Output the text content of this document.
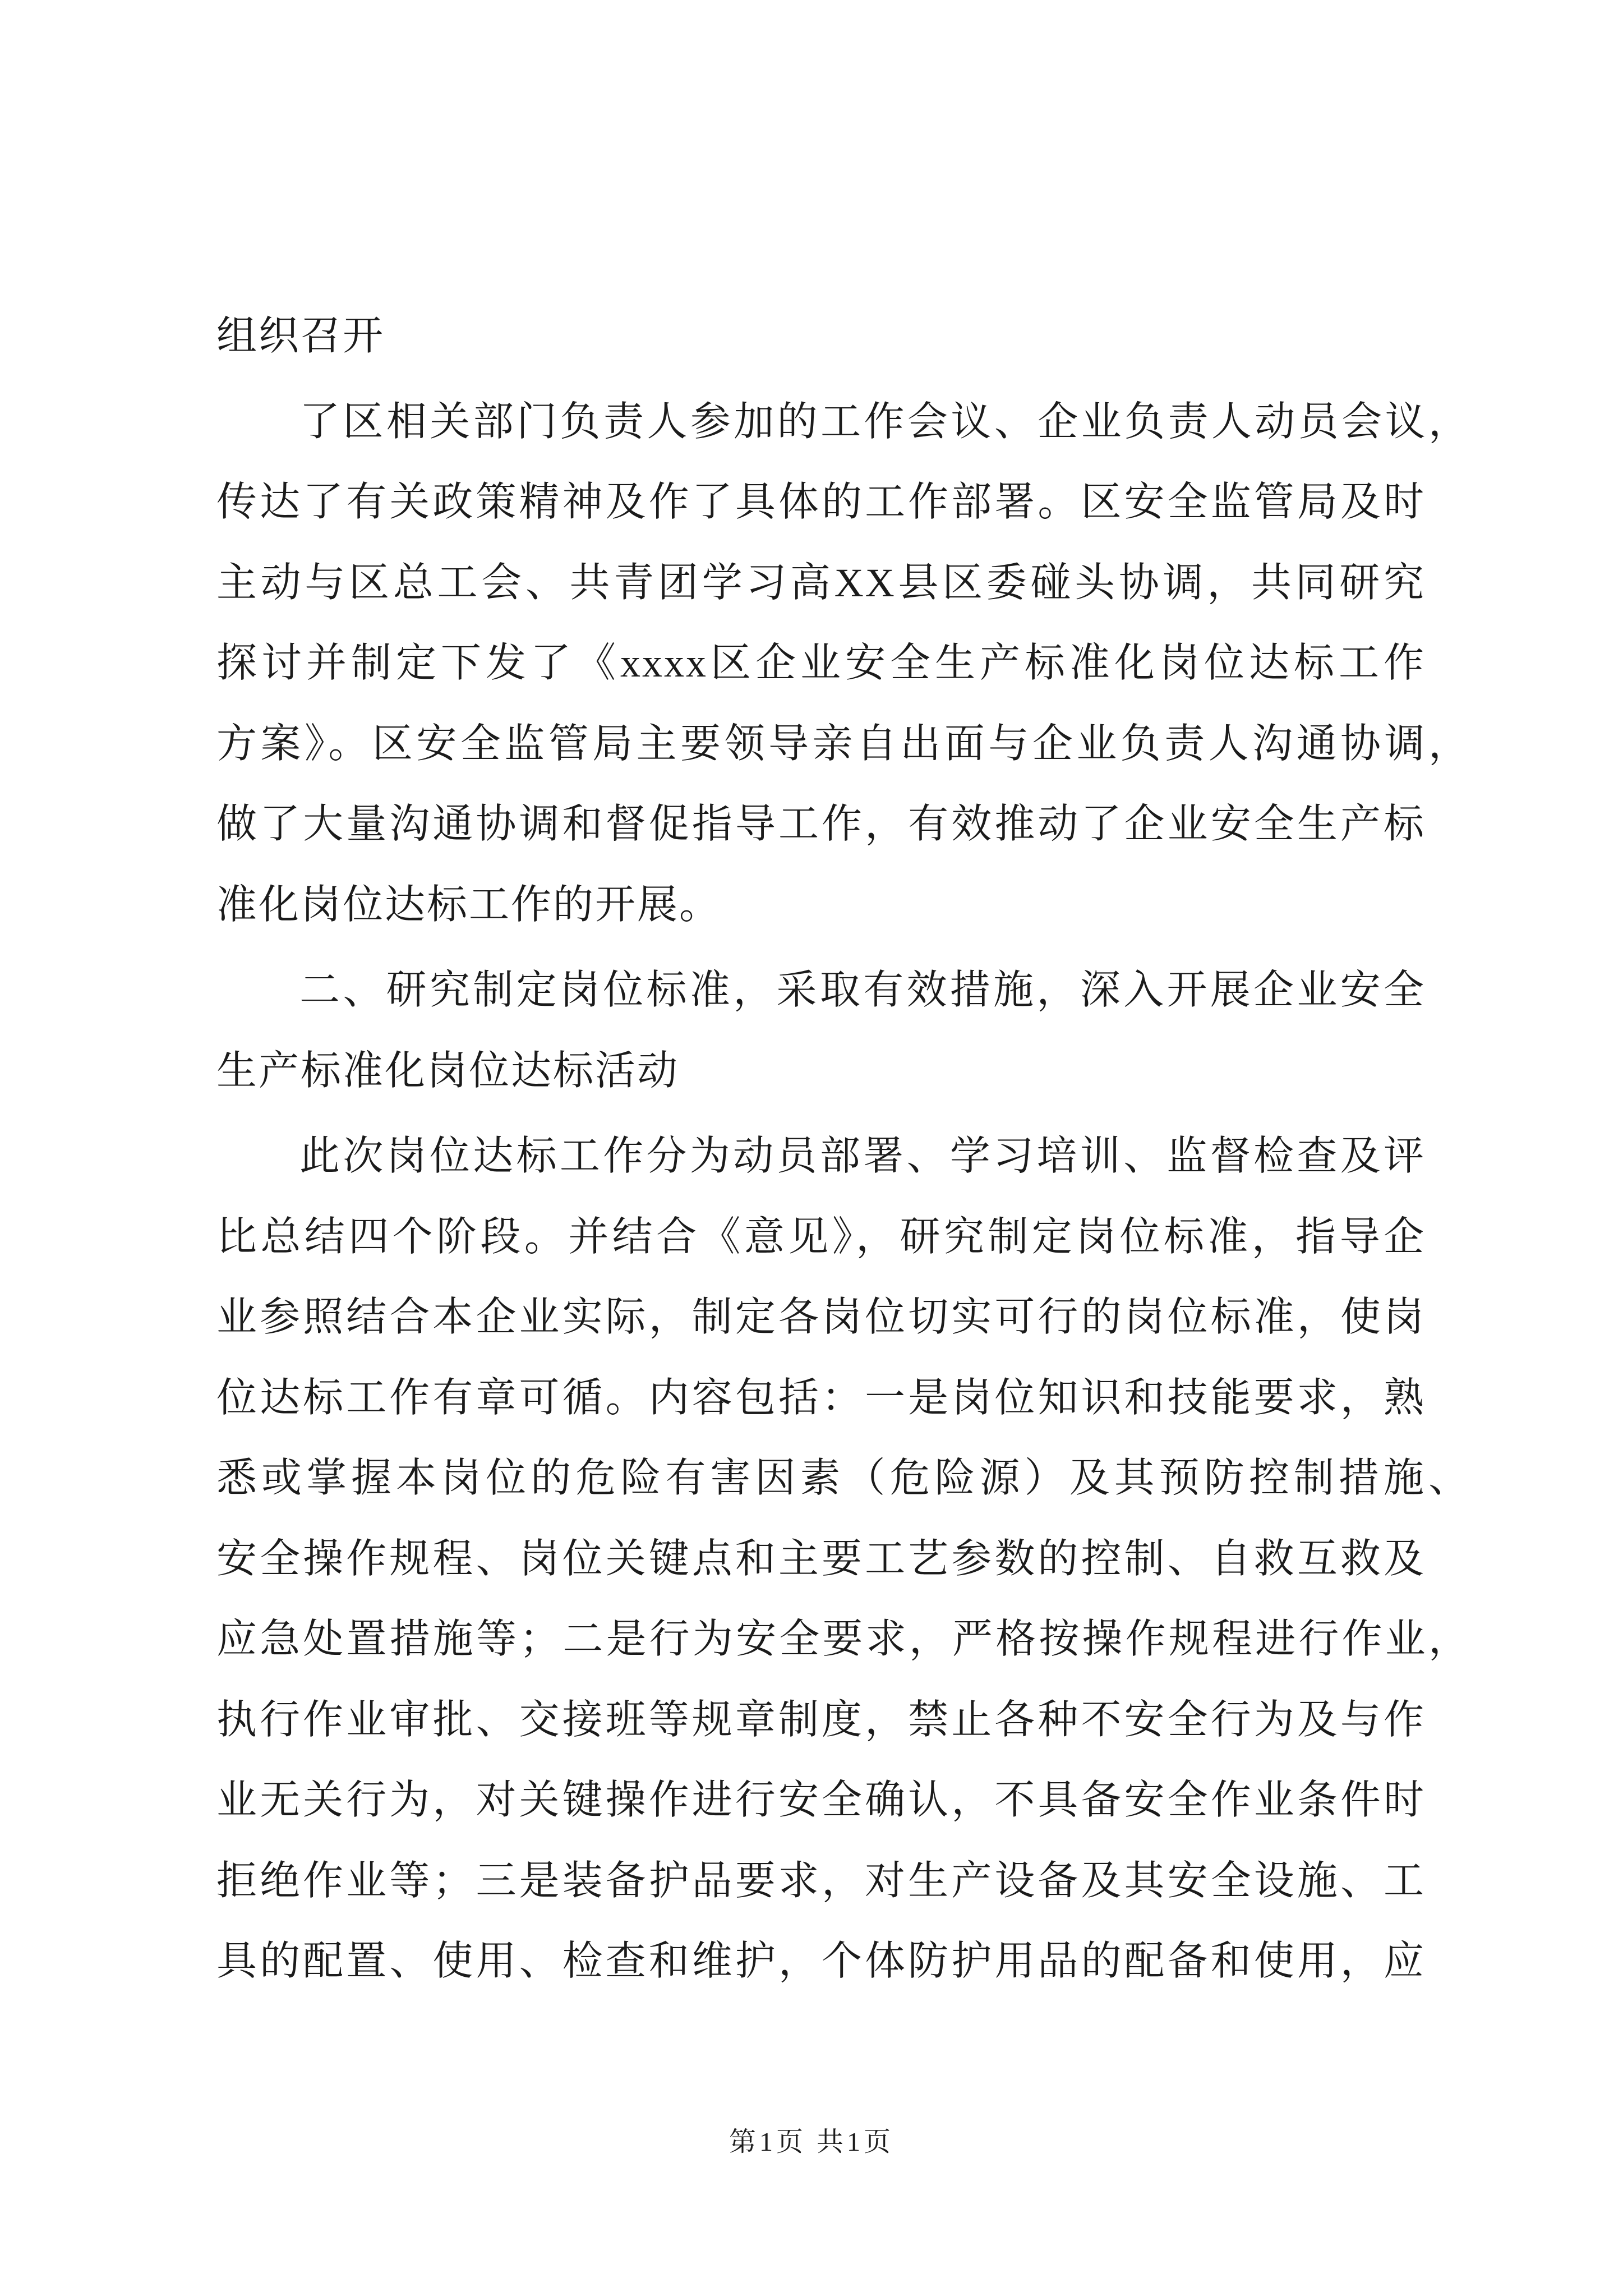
组织召开
了区相关部门负责人参加的工作会议、企业负责人动员会议，
传达了有关政策精神及作了具体的工作部署。区安全监管局及时
主动与区总工会、共青团学习高XX县区委碰头协调，共同研究
探讨并制定下发了《xxxx区企业安全生产标准化岗位达标工作
方案》。区安全监管局主要领导亲自出面与企业负责人沟通协调，
做了大量沟通协调和督促指导工作，有效推动了企业安全生产标
准化岗位达标工作的开展。
二、研究制定岗位标准，采取有效措施，深入开展企业安全
生产标准化岗位达标活动
此次岗位达标工作分为动员部署、学习培训、监督检查及评
比总结四个阶段。并结合《意见》，研究制定岗位标准，指导企
业参照结合本企业实际，制定各岗位切实可行的岗位标准，使岗
位达标工作有章可循。内容包括：一是岗位知识和技能要求，熟
悉或掌握本岗位的危险有害因素（危险源）及其预防控制措施、
安全操作规程、岗位关键点和主要工艺参数的控制、自救互救及
应急处置措施等；二是行为安全要求，严格按操作规程进行作业，
执行作业审批、交接班等规章制度，禁止各种不安全行为及与作
业无关行为，对关键操作进行安全确认，不具备安全作业条件时
拒绝作业等；三是装备护品要求，对生产设备及其安全设施、工
具的配置、使用、检查和维护，个体防护用品的配备和使用，应
第1页 共1页
